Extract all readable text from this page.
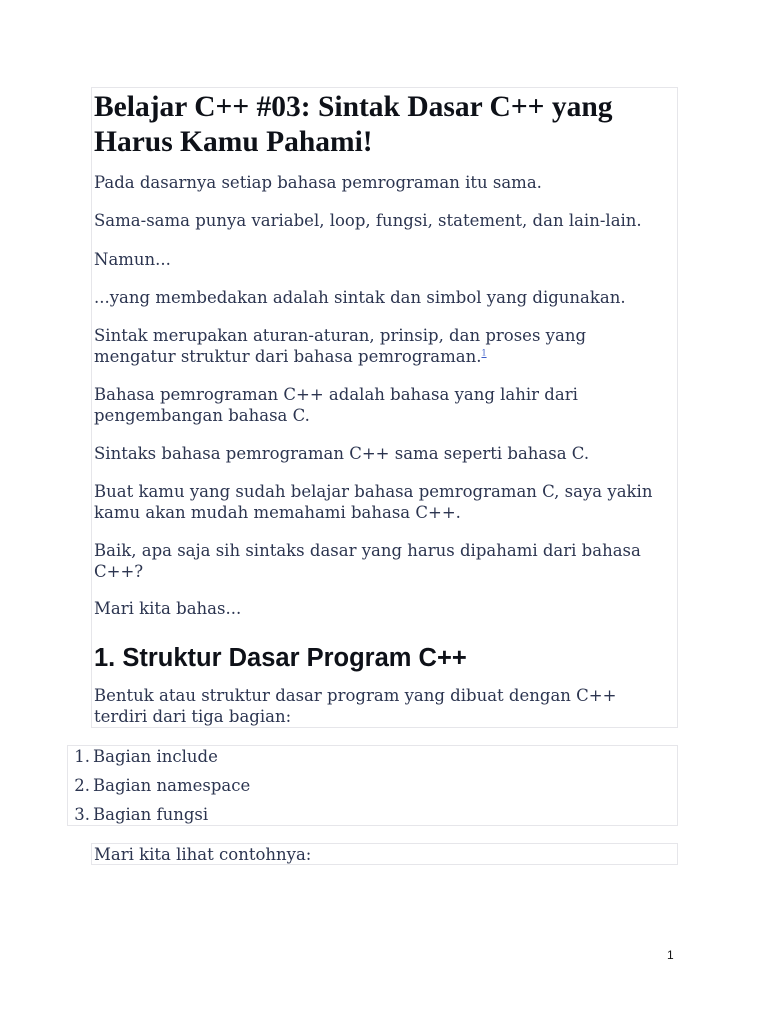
Belajar C++ #03: Sintak Dasar C++ yang
Harus Kamu Pahami!

Pada dasarnya setiap bahasa pemrograman itu sama.

Sama-sama punya variabel, loop, fungsi, statement, dan lain-lain.

Namun...

...yang membedakan adalah sintak dan simbol yang digunakan.

Sintak merupakan aturan-aturan, prinsip, dan proses yang
mengatur struktur dari bahasa pemrograman.$^1$

Bahasa pemrograman C++ adalah bahasa yang lahir dari
pengembangan bahasa C.

Sintaks bahasa pemrograman C++ sama seperti bahasa C.

Buat kamu yang sudah belajar bahasa pemrograman C, saya yakin
kamu akan mudah memahami bahasa C++.

Baik, apa saja sih sintaks dasar yang harus dipahami dari bahasa
C++?

Mari kita bahas...

1. Struktur Dasar Program C++

Bentuk atau struktur dasar program yang dibuat dengan C++
terdiri dari tiga bagian:

1. Bagian include
2. Bagian namespace
3. Bagian fungsi

Mari kita lihat contohnya:

1
